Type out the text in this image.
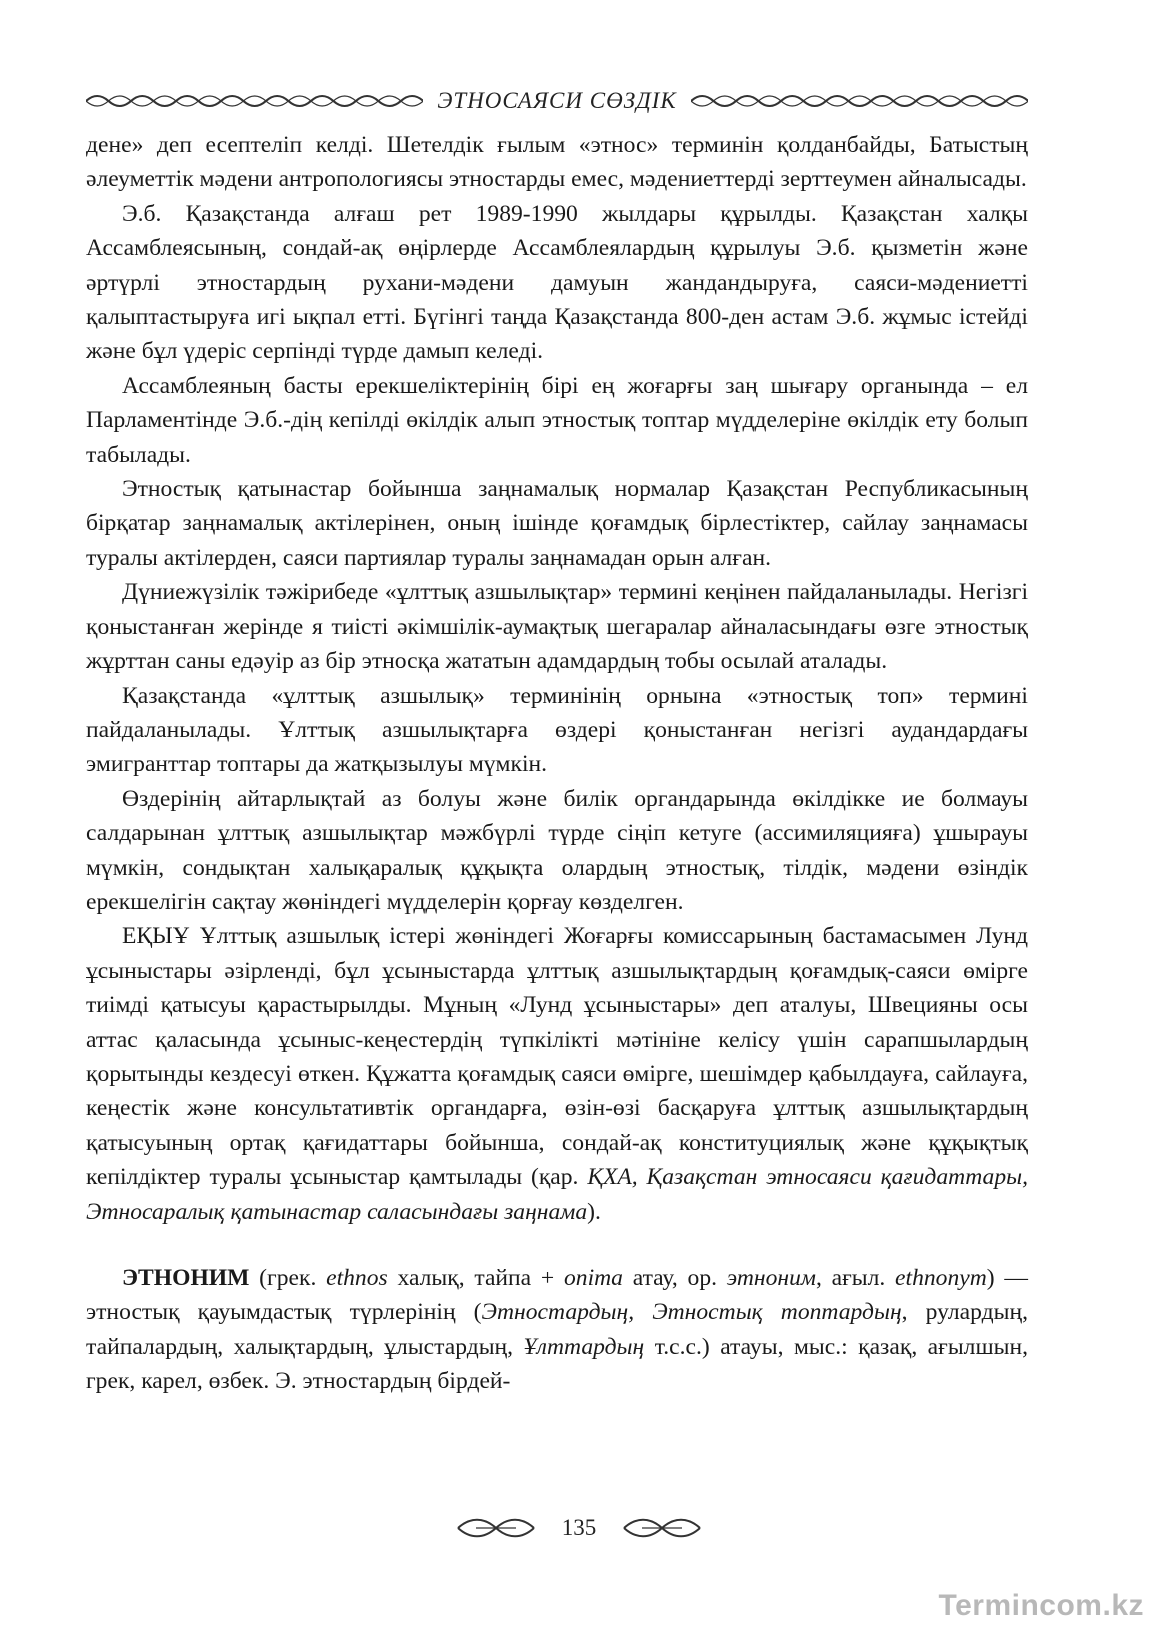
ЭТНОСАЯСИ СӨЗДІК

дене» деп есептеліп келді. Шетелдік ғылым «этнос» терминін қолданбайды, Батыстың әлеуметтік мәдени антропологиясы этностарды емес, мәдениеттерді зерттеумен айналысады.

Э.б. Қазақстанда алғаш рет 1989-1990 жылдары құрылды. Қазақстан халқы Ассамблеясының, сондай-ақ өңірлерде Ассамблеялардың құрылуы Э.б. қызметін және әртүрлі этностардың рухани-мәдени дамуын жандандыруға, саяси-мәдениетті қалыптастыруға игі ықпал етті. Бүгінгі таңда Қазақстанда 800-ден астам Э.б. жұмыс істейді және бұл үдеріс серпінді түрде дамып келеді.

Ассамблеяның басты ерекшеліктерінің бірі ең жоғарғы заң шығару органында – ел Парламентінде Э.б.-дің кепілді өкілдік алып этностық топтар мүдделеріне өкілдік ету болып табылады.

Этностық қатынастар бойынша заңнамалық нормалар Қазақстан Республикасының бірқатар заңнамалық актілерінен, оның ішінде қоғамдық бірлестіктер, сайлау заңнамасы туралы актілерден, саяси партиялар туралы заңнамадан орын алған.

Дүниежүзілік тәжірибеде «ұлттық азшылықтар» термині кеңінен пайдаланылады. Негізгі қоныстанған жерінде я тиісті әкімшілік-аумақтық шегаралар айналасындағы өзге этностық жұрттан саны едәуір аз бір этносқа жататын адамдардың тобы осылай аталады.

Қазақстанда «ұлттық азшылық» терминінің орнына «этностық топ» термині пайдаланылады. Ұлттық азшылықтарға өздері қоныстанған негізгі аудандардағы эмигранттар топтары да жатқызылуы мүмкін.

Өздерінің айтарлықтай аз болуы және билік органдарында өкілдікке ие болмауы салдарынан ұлттық азшылықтар мәжбүрлі түрде сіңіп кетуге (ассимиляцияға) ұшырауы мүмкін, сондықтан халықаралық құқықта олардың этностық, тілдік, мәдени өзіндік ерекшелігін сақтау жөніндегі мүдделерін қорғау көзделген.

ЕҚЫҰ Ұлттық азшылық істері жөніндегі Жоғарғы комиссарының бастамасымен Лунд ұсыныстары әзірленді, бұл ұсыныстарда ұлттық азшылықтардың қоғамдық-саяси өмірге тиімді қатысуы қарастырылды. Мұның «Лунд ұсыныстары» деп аталуы, Швецияны осы аттас қаласында ұсыныс-кеңестердің түпкілікті мәтініне келісу үшін сарапшылардың қорытынды кездесуі өткен. Құжатта қоғамдық саяси өмірге, шешімдер қабылдауға, сайлауға, кеңестік және консультативтік органдарға, өзін-өзі басқаруға ұлттық азшылықтардың қатысуының ортақ қағидаттары бойынша, сондай-ақ конституциялық және құқықтық кепілдіктер туралы ұсыныстар қамтылады (қар. ҚХА, Қазақстан этносаяси қағидаттары, Этносаралық қатынастар саласындағы заңнама).

ЭТНОНИМ (грек. ethnos халық, тайпа + onima атау, ор. этноним, ағыл. ethnonym) — этностық қауымдастық түрлерінің (Этностардың, Этностық топтардың, рулардың, тайпалардың, халықтардың, ұлыстардың, Ұлттардың т.с.с.) атауы, мыс.: қазақ, ағылшын, грек, карел, өзбек. Э. этностардың бірдей-

135
Termincom.kz
